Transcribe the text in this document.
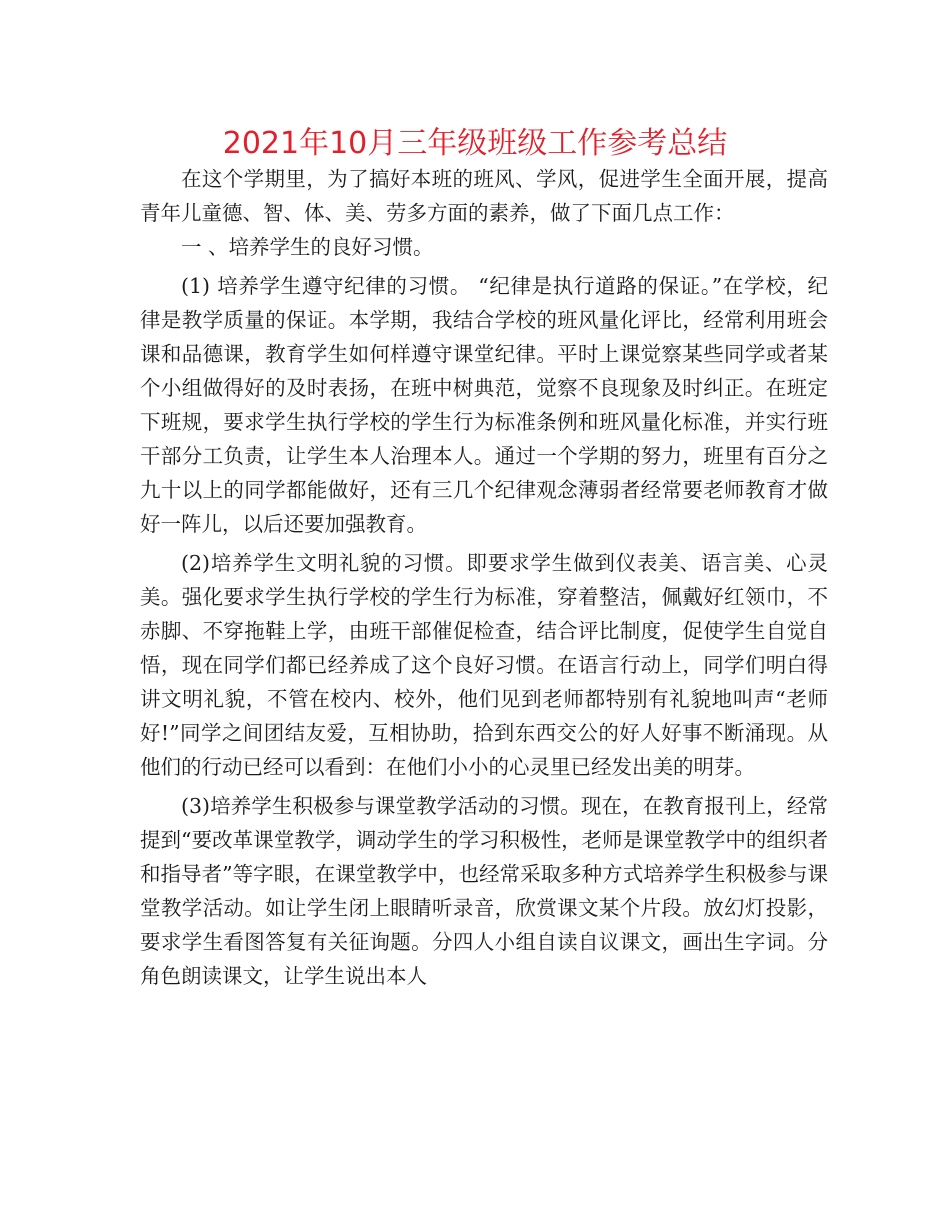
2021年10月三年级班级工作参考总结

在这个学期里，为了搞好本班的班风、学风，促进学生全面开展，提高青年儿童德、智、体、美、劳多方面的素养，做了下面几点工作：

一 、培养学生的良好习惯。

(1) 培养学生遵守纪律的习惯。 “纪律是执行道路的保证。”在学校，纪律是教学质量的保证。本学期，我结合学校的班风量化评比，经常利用班会课和品德课，教育学生如何样遵守课堂纪律。平时上课觉察某些同学或者某个小组做得好的及时表扬，在班中树典范，觉察不良现象及时纠正。在班定下班规，要求学生执行学校的学生行为标准条例和班风量化标准，并实行班干部分工负责，让学生本人治理本人。通过一个学期的努力，班里有百分之九十以上的同学都能做好，还有三几个纪律观念薄弱者经常要老师教育才做好一阵儿，以后还要加强教育。

(2)培养学生文明礼貌的习惯。即要求学生做到仪表美、语言美、心灵美。强化要求学生执行学校的学生行为标准，穿着整洁，佩戴好红领巾，不赤脚、不穿拖鞋上学，由班干部催促检查，结合评比制度，促使学生自觉自悟，现在同学们都已经养成了这个良好习惯。在语言行动上，同学们明白得讲文明礼貌，不管在校内、校外，他们见到老师都特别有礼貌地叫声“老师好!”同学之间团结友爱，互相协助，拾到东西交公的好人好事不断涌现。从他们的行动已经可以看到：在他们小小的心灵里已经发出美的明芽。

(3)培养学生积极参与课堂教学活动的习惯。现在，在教育报刊上，经常提到“要改革课堂教学，调动学生的学习积极性，老师是课堂教学中的组织者和指导者”等字眼，在课堂教学中，也经常采取多种方式培养学生积极参与课堂教学活动。如让学生闭上眼睛听录音，欣赏课文某个片段。放幻灯投影，要求学生看图答复有关征询题。分四人小组自读自议课文，画出生字词。分角色朗读课文，让学生说出本人
